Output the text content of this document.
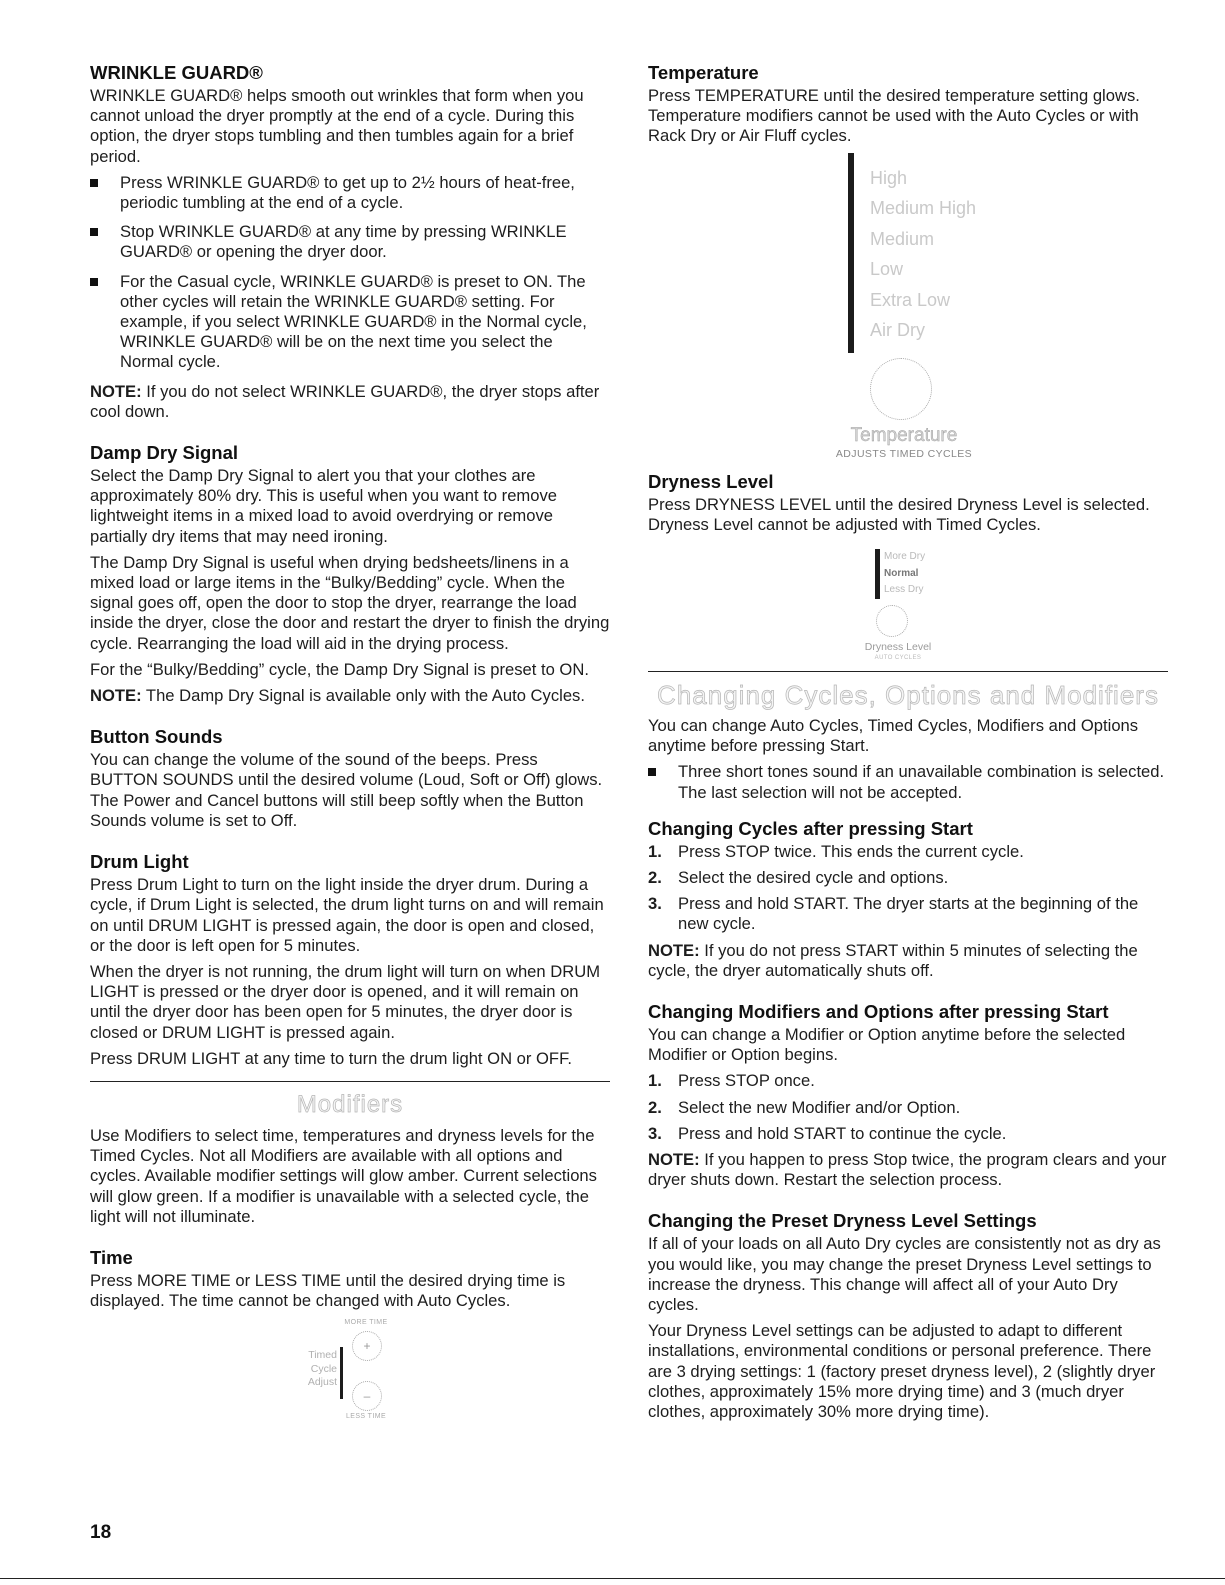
WRINKLE GUARD®

WRINKLE GUARD® helps smooth out wrinkles that form when you cannot unload the dryer promptly at the end of a cycle. During this option, the dryer stops tumbling and then tumbles again for a brief period.

Press WRINKLE GUARD® to get up to 2½ hours of heat-free, periodic tumbling at the end of a cycle.
Stop WRINKLE GUARD® at any time by pressing WRINKLE GUARD® or opening the dryer door.
For the Casual cycle, WRINKLE GUARD® is preset to ON. The other cycles will retain the WRINKLE GUARD® setting. For example, if you select WRINKLE GUARD® in the Normal cycle, WRINKLE GUARD® will be on the next time you select the Normal cycle.

NOTE: If you do not select WRINKLE GUARD®, the dryer stops after cool down.

Damp Dry Signal

Select the Damp Dry Signal to alert you that your clothes are approximately 80% dry. This is useful when you want to remove lightweight items in a mixed load to avoid overdrying or remove partially dry items that may need ironing.

The Damp Dry Signal is useful when drying bedsheets/linens in a mixed load or large items in the “Bulky/Bedding” cycle. When the signal goes off, open the door to stop the dryer, rearrange the load inside the dryer, close the door and restart the dryer to finish the drying cycle. Rearranging the load will aid in the drying process.

For the “Bulky/Bedding” cycle, the Damp Dry Signal is preset to ON.

NOTE: The Damp Dry Signal is available only with the Auto Cycles.

Button Sounds

You can change the volume of the sound of the beeps. Press BUTTON SOUNDS until the desired volume (Loud, Soft or Off) glows. The Power and Cancel buttons will still beep softly when the Button Sounds volume is set to Off.

Drum Light

Press Drum Light to turn on the light inside the dryer drum. During a cycle, if Drum Light is selected, the drum light turns on and will remain on until DRUM LIGHT is pressed again, the door is open and closed, or the door is left open for 5 minutes.

When the dryer is not running, the drum light will turn on when DRUM LIGHT is pressed or the dryer door is opened, and it will remain on until the dryer door has been open for 5 minutes, the dryer door is closed or DRUM LIGHT is pressed again.

Press DRUM LIGHT at any time to turn the drum light ON or OFF.

Modifiers

Use Modifiers to select time, temperatures and dryness levels for the Timed Cycles. Not all Modifiers are available with all options and cycles. Available modifier settings will glow amber. Current selections will glow green. If a modifier is unavailable with a selected cycle, the light will not illuminate.

Time

Press MORE TIME or LESS TIME until the desired drying time is displayed. The time cannot be changed with Auto Cycles.

MORE TIME
+
Timed
Cycle
Adjust
–
LESS TIME
Temperature

Press TEMPERATURE until the desired temperature setting glows. Temperature modifiers cannot be used with the Auto Cycles or with Rack Dry or Air Fluff cycles.

High
Medium High
Medium
Low
Extra Low
Air Dry
Temperature
ADJUSTS TIMED CYCLES
Dryness Level

Press DRYNESS LEVEL until the desired Dryness Level is selected. Dryness Level cannot be adjusted with Timed Cycles.

More Dry
Normal
Less Dry
Dryness Level
AUTO CYCLES
Changing Cycles, Options and Modifiers

You can change Auto Cycles, Timed Cycles, Modifiers and Options anytime before pressing Start.

Three short tones sound if an unavailable combination is selected. The last selection will not be accepted.
Changing Cycles after pressing Start
1. Press STOP twice. This ends the current cycle.
2. Select the desired cycle and options.
3. Press and hold START. The dryer starts at the beginning of the new cycle.

NOTE: If you do not press START within 5 minutes of selecting the cycle, the dryer automatically shuts off.

Changing Modifiers and Options after pressing Start

You can change a Modifier or Option anytime before the selected Modifier or Option begins.

1. Press STOP once.
2. Select the new Modifier and/or Option.
3. Press and hold START to continue the cycle.

NOTE: If you happen to press Stop twice, the program clears and your dryer shuts down. Restart the selection process.

Changing the Preset Dryness Level Settings

If all of your loads on all Auto Dry cycles are consistently not as dry as you would like, you may change the preset Dryness Level settings to increase the dryness. This change will affect all of your Auto Dry cycles.

Your Dryness Level settings can be adjusted to adapt to different installations, environmental conditions or personal preference. There are 3 drying settings: 1 (factory preset dryness level), 2 (slightly dryer clothes, approximately 15% more drying time) and 3 (much dryer clothes, approximately 30% more drying time).

18
